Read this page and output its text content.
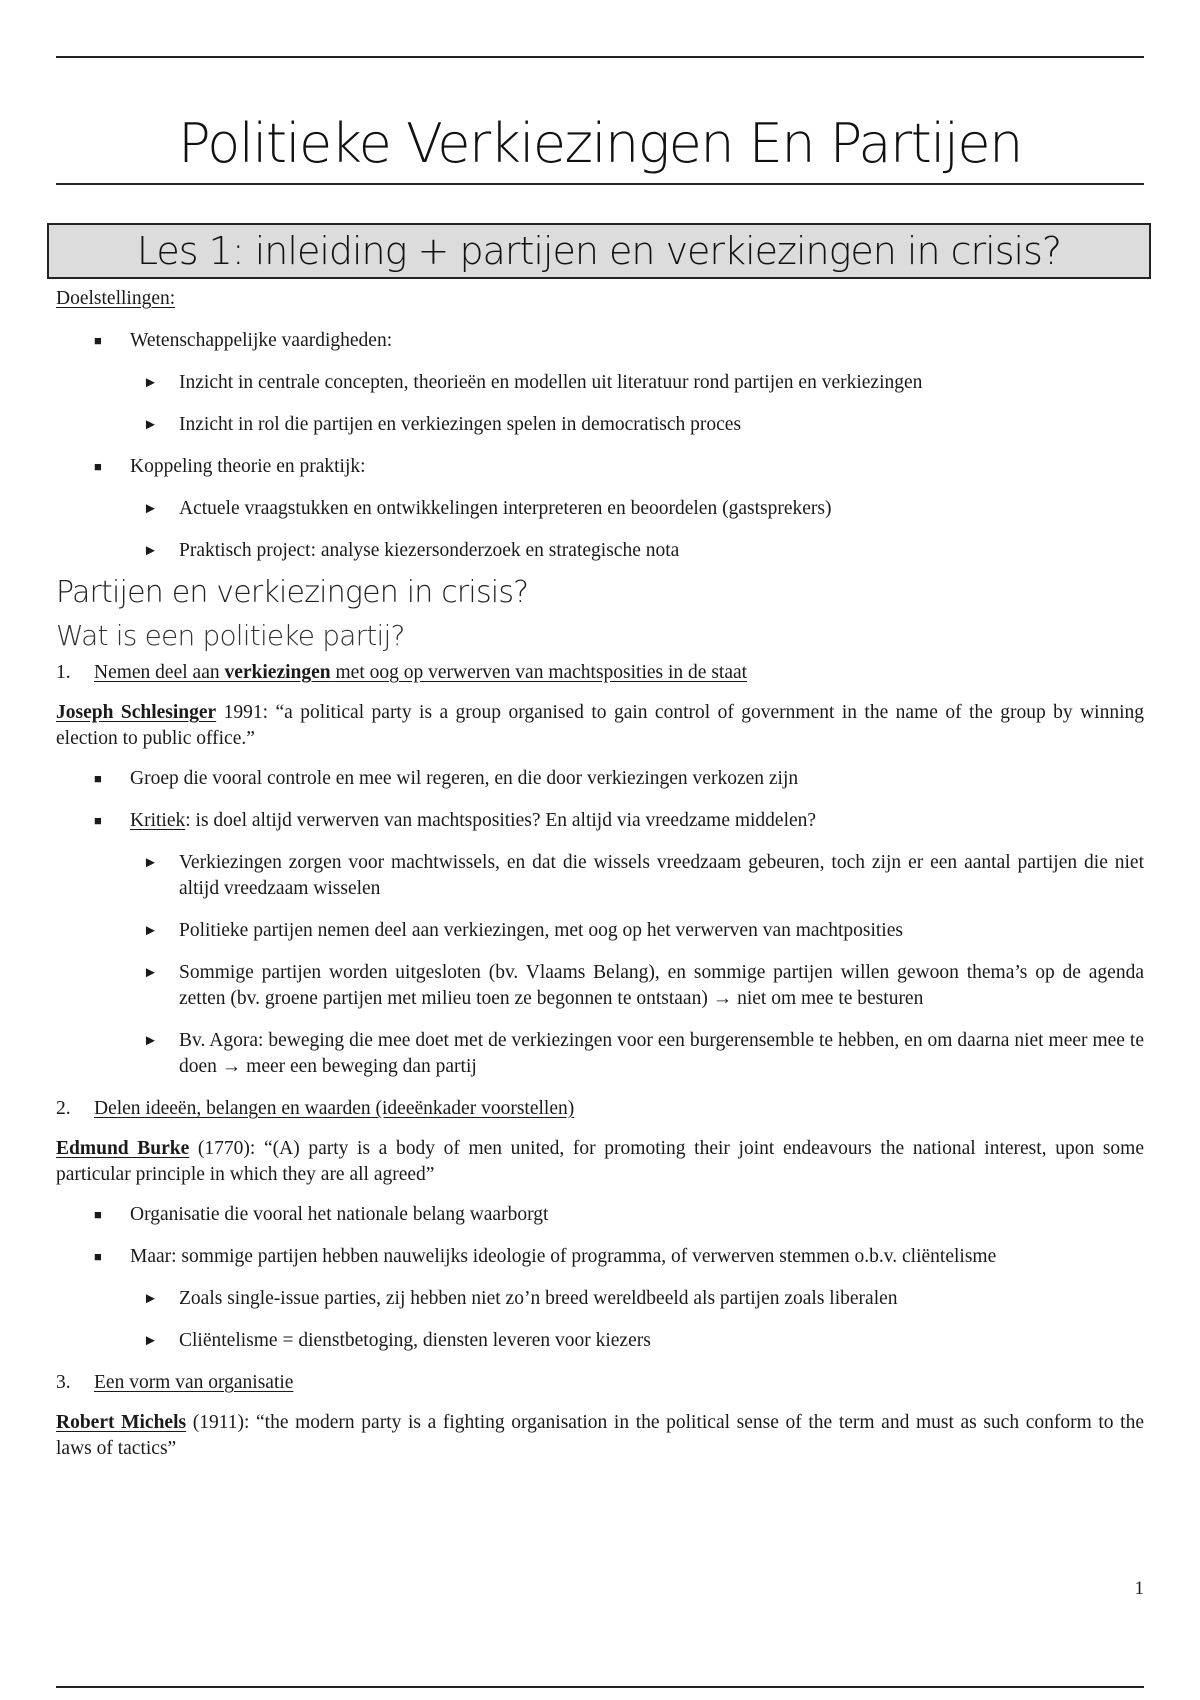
Politieke Verkiezingen En Partijen
Les 1: inleiding + partijen en verkiezingen in crisis?
Doelstellingen:
■ Wetenschappelijke vaardigheden:
► Inzicht in centrale concepten, theorieën en modellen uit literatuur rond partijen en verkiezingen
► Inzicht in rol die partijen en verkiezingen spelen in democratisch proces
■ Koppeling theorie en praktijk:
► Actuele vraagstukken en ontwikkelingen interpreteren en beoordelen (gastsprekers)
► Praktisch project: analyse kiezersonderzoek en strategische nota
Partijen en verkiezingen in crisis?
Wat is een politieke partij?
1. Nemen deel aan verkiezingen met oog op verwerven van machtsposities in de staat
Joseph Schlesinger 1991: “a political party is a group organised to gain control of government in the name of the group by winning election to public office.”
■ Groep die vooral controle en mee wil regeren, en die door verkiezingen verkozen zijn
■ Kritiek: is doel altijd verwerven van machtsposities? En altijd via vreedzame middelen?
► Verkiezingen zorgen voor machtwissels, en dat die wissels vreedzaam gebeuren, toch zijn er een aantal partijen die niet altijd vreedzaam wisselen
► Politieke partijen nemen deel aan verkiezingen, met oog op het verwerven van machtposities
► Sommige partijen worden uitgesloten (bv. Vlaams Belang), en sommige partijen willen gewoon thema’s op de agenda zetten (bv. groene partijen met milieu toen ze begonnen te ontstaan) → niet om mee te besturen
► Bv. Agora: beweging die mee doet met de verkiezingen voor een burgerensemble te hebben, en om daarna niet meer mee te doen → meer een beweging dan partij
2. Delen ideeën, belangen en waarden (ideeënkader voorstellen)
Edmund Burke (1770): “(A) party is a body of men united, for promoting their joint endeavours the national interest, upon some particular principle in which they are all agreed”
■ Organisatie die vooral het nationale belang waarborgt
■ Maar: sommige partijen hebben nauwelijks ideologie of programma, of verwerven stemmen o.b.v. cliëntelisme
► Zoals single-issue parties, zij hebben niet zo’n breed wereldbeeld als partijen zoals liberalen
► Cliëntelisme = dienstbetoging, diensten leveren voor kiezers
3. Een vorm van organisatie
Robert Michels (1911): “the modern party is a fighting organisation in the political sense of the term and must as such conform to the laws of tactics”
1
